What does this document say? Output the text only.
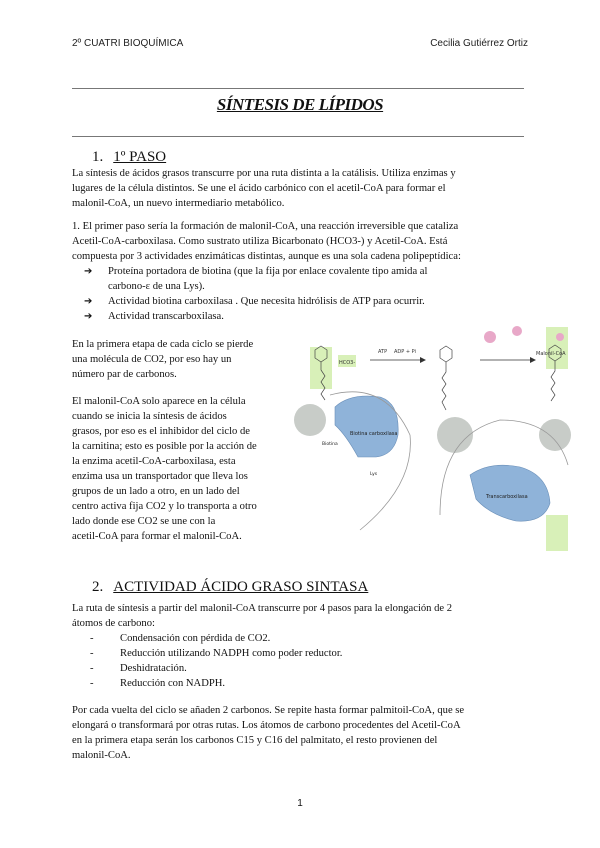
2º CUATRI BIOQUÍMICA	Cecilia Gutiérrez Ortiz
SÍNTESIS DE LÍPIDOS
1. 1º PASO
La síntesis de ácidos grasos transcurre por una ruta distinta a la catálisis. Utiliza enzimas y
lugares de la célula distintos. Se une el ácido carbónico con el acetil-CoA para formar el
malonil-CoA, un nuevo intermediario metabólico.
1. El primer paso sería la formación de malonil-CoA, una reacción irreversible que cataliza
Acetil-CoA-carboxilasa. Como sustrato utiliza Bicarbonato (HCO3-) y Acetil-CoA. Está
compuesta por 3 actividades enzimáticas distintas, aunque es una sola cadena polipeptídica:
➔ Proteína portadora de biotina (que la fija por enlace covalente tipo amida al
carbono-ε de una Lys).
➔ Actividad biotina carboxilasa . Que necesita hidrólisis de ATP para ocurrir.
➔ Actividad transcarboxilasa.
En la primera etapa de cada ciclo se pierde
una molécula de CO2, por eso hay un
número par de carbonos.
El malonil-CoA solo aparece en la célula
cuando se inicia la síntesis de ácidos
grasos, por eso es el inhibidor del ciclo de
la carnitina; esto es posible por la acción de
la enzima acetil-CoA-carboxilasa, esta
enzima usa un transportador que lleva los
grupos de un lado a otro, en un lado del
centro activa fija CO2 y lo transporta a otro
lado donde ese CO2 se une con la
acetil-CoA para formar el malonil-CoA.
ATP ADP + Pi
HCO3-
Malonil-CoA
Biotina carboxilasa
Transcarboxilasa
Biotina
Lys
2. ACTIVIDAD ÁCIDO GRASO SINTASA
La ruta de síntesis a partir del malonil-CoA transcurre por 4 pasos para la elongación de 2
átomos de carbono:
- Condensación con pérdida de CO2.
- Reducción utilizando NADPH como poder reductor.
- Deshidratación.
- Reducción con NADPH.
Por cada vuelta del ciclo se añaden 2 carbonos. Se repite hasta formar palmitoil-CoA, que se
elongará o transformará por otras rutas. Los átomos de carbono procedentes del Acetil-CoA
en la primera etapa serán los carbonos C15 y C16 del palmitato, el resto provienen del
malonil-CoA.
1
